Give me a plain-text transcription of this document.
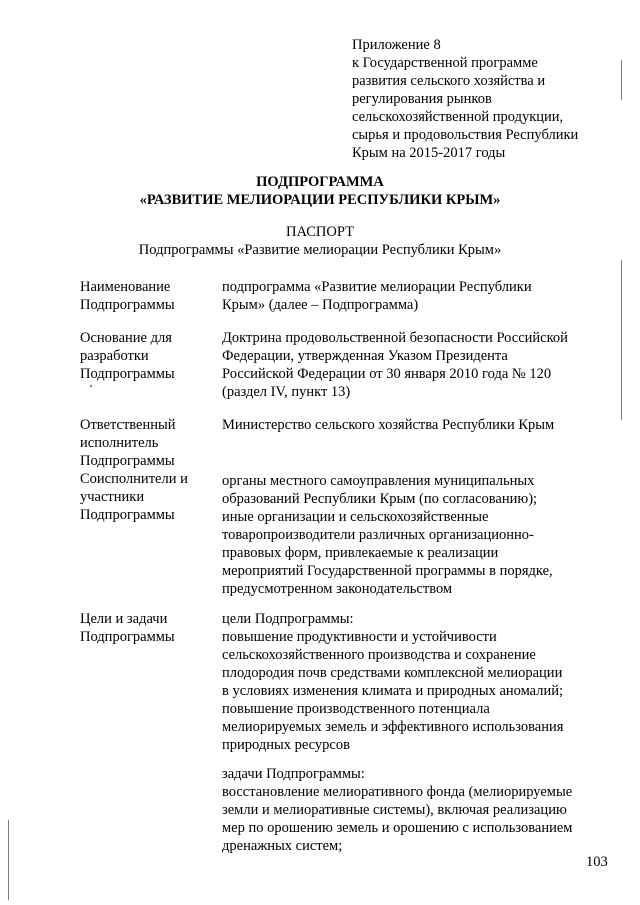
Приложение 8
к Государственной программе
развития сельского хозяйства и
регулирования рынков
сельскохозяйственной продукции,
сырья и продовольствия Республики
Крым на 2015-2017 годы
ПОДПРОГРАММА
«РАЗВИТИЕ МЕЛИОРАЦИИ РЕСПУБЛИКИ КРЫМ»
ПАСПОРТ
Подпрограммы «Развитие мелиорации Республики Крым»
Наименование
Подпрограммы
подпрограмма «Развитие мелиорации Республики
Крым» (далее – Подпрограмма)
Основание для
разработки
Подпрограммы
Доктрина продовольственной безопасности Российской
Федерации, утвержденная Указом Президента
Российской Федерации от 30 января 2010 года № 120
(раздел IV, пункт 13)
Ответственный
исполнитель
Подпрограммы
Министерство сельского хозяйства Республики Крым
Соисполнители и
участники
Подпрограммы
органы местного самоуправления муниципальных
образований Республики Крым (по согласованию);
иные организации и сельскохозяйственные
товаропроизводители различных организационно-
правовых форм, привлекаемые к реализации
мероприятий Государственной программы в порядке,
предусмотренном законодательством
Цели и задачи
Подпрограммы
цели Подпрограммы:
повышение продуктивности и устойчивости
сельскохозяйственного производства и сохранение
плодородия почв средствами комплексной мелиорации
в условиях изменения климата и природных аномалий;
повышение производственного потенциала
мелиорируемых земель и эффективного использования
природных ресурсов
задачи Подпрограммы:
восстановление мелиоративного фонда (мелиорируемые
земли и мелиоративные системы), включая реализацию
мер по орошению земель и орошению с использованием
дренажных систем;
103
